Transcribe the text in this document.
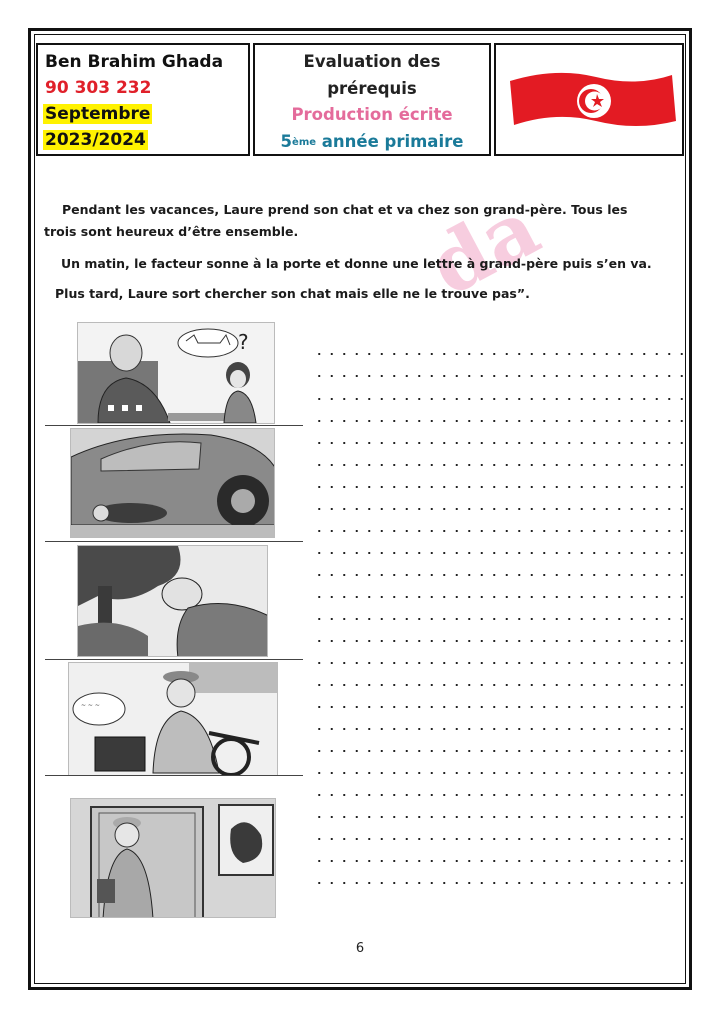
Ben Brahim Ghada
90 303 232
Septembre
2023/2024
Evaluation des
prérequis
Production écrite
5ème année primaire
da
Pendant les vacances, Laure prend son chat et va chez son grand-père. Tous les
trois sont heureux d’être ensemble.
Un matin, le facteur sonne à la porte et donne une lettre à grand-père puis s’en va.
Plus tard, Laure sort chercher son chat mais elle ne le trouve pas”.
?
~ ~ ~
6
